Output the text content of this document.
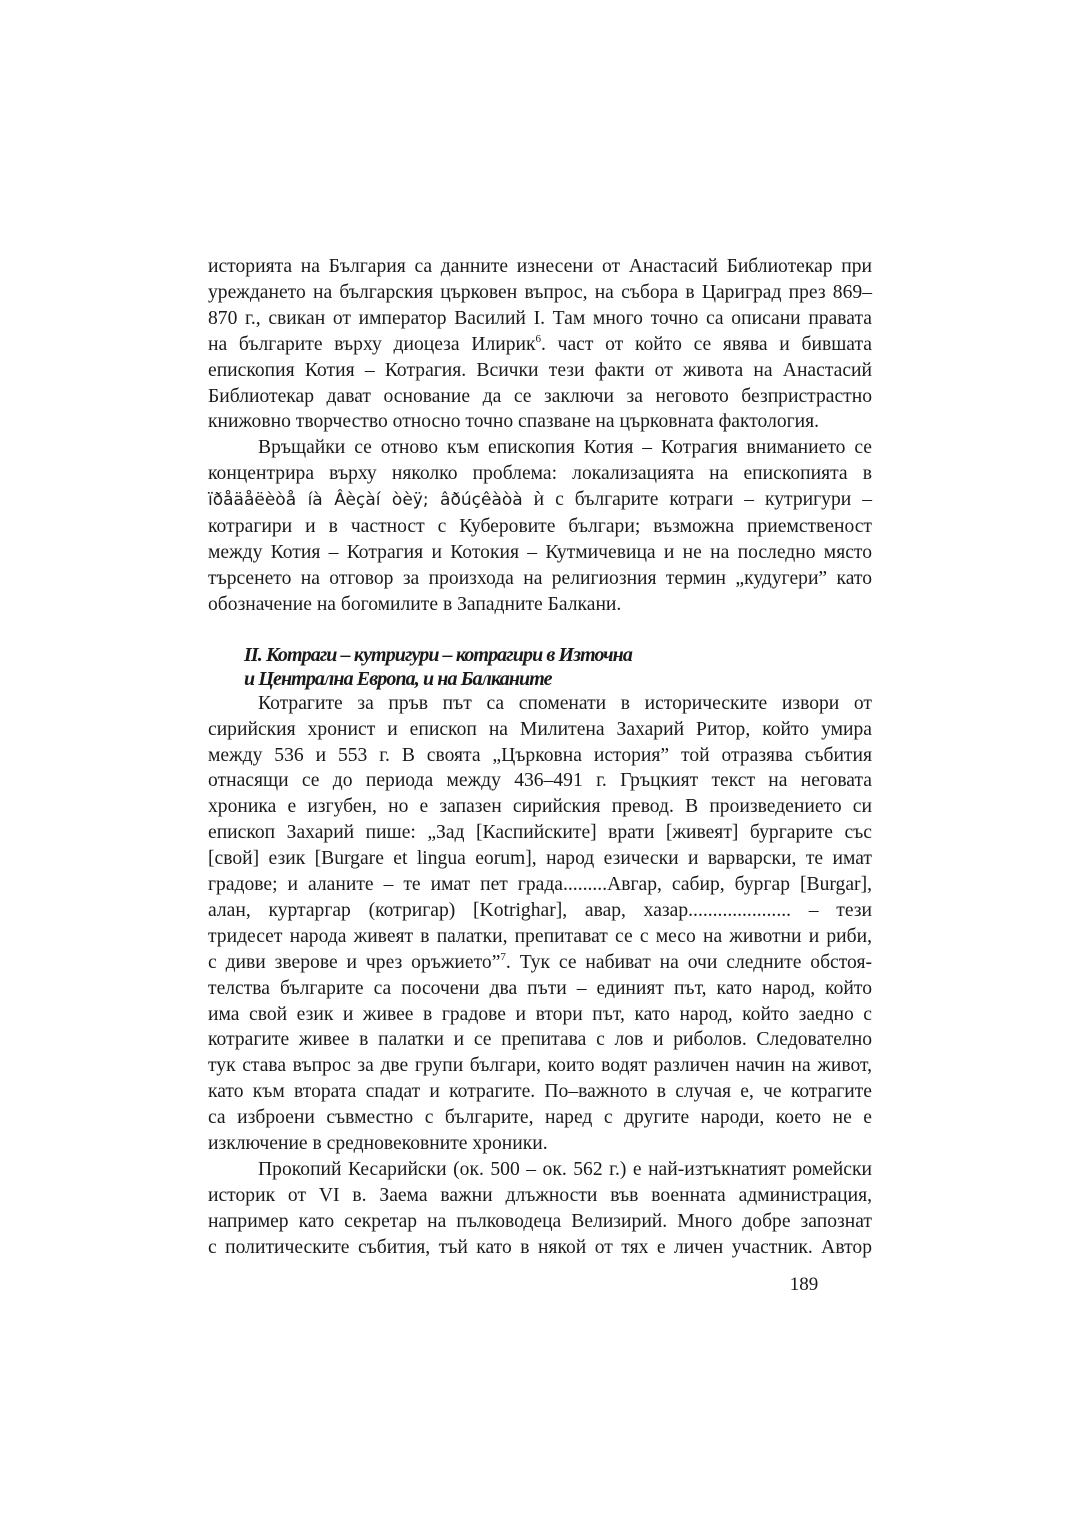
историята на България са данните изнесени от Анастасий Библиотекар при
уреждането на българския църковен въпрос, на събора в Цариград през 869–
870 г., свикан от император Василий I. Там много точно са описани правата
на българите върху диоцеза Илирик$^6$. част от който се явява и бившата
епископия Котия – Котрагия. Всички тези факти от живота на Анастасий
Библиотекар дават основание да се заключи за неговото безпристрастно
книжовно творчество относно точно спазване на църковната фактология.

Връщайки се отново към епископия Котия – Котрагия вниманието се
концентрира върху няколко проблема: локализацията на епископията в
ïðåäåëèòå íà Âèçàí òèÿ; âðúçêàòà ѝ с българите котраги – кутригури –
котрагири и в частност с Куберовите българи; възможна приемственост
между Котия – Котрагия и Котокия – Кутмичевица и не на последно място
търсенето на отговор за произхода на религиозния термин „кудугери” като
обозначение на богомилите в Западните Балкани.

II. Котраги – кутригури – котрагири в Източна
и Централна Европа, и на Балканите

Котрагите за пръв път са споменати в историческите извори от
сирийския хронист и епископ на Милитена Захарий Ритор, който умира
между 536 и 553 г. В своята „Църковна история” той отразява събития
отнасящи се до периода между 436–491 г. Гръцкият текст на неговата
хроника е изгубен, но е запазен сирийския превод. В произведението си
епископ Захарий пише: „Зад [Каспийските] врати [живеят] бургарите със
[свой] език [Burgare et lingua eorum], народ езически и варварски, те имат
градове; и аланите – те имат пет града.........Авгар, сабир, бургар [Burgar],
алан, куртаргар (котригар) [Kotrighar], авар, хазар..................... – тези
тридесет народа живеят в палатки, препитават се с месо на животни и риби,
с диви зверове и чрез оръжието”$^7$. Тук се набиват на очи следните обстоя-
телства българите са посочени два пъти – единият път, като народ, който
има свой език и живее в градове и втори път, като народ, който заедно с
котрагите живее в палатки и се препитава с лов и риболов. Следователно
тук става въпрос за две групи българи, които водят различен начин на живот,
като към втората спадат и котрагите. По–важното в случая е, че котрагите
са изброени съвместно с българите, наред с другите народи, което не е
изключение в средновековните хроники.

Прокопий Кесарийски (ок. 500 – ок. 562 г.) е най-изтъкнатият ромейски
историк от VI в. Заема важни длъжности във военната администрация,
например като секретар на пълководеца Велизирий. Много добре запознат
с политическите събития, тъй като в някой от тях е личен участник. Автор

189
